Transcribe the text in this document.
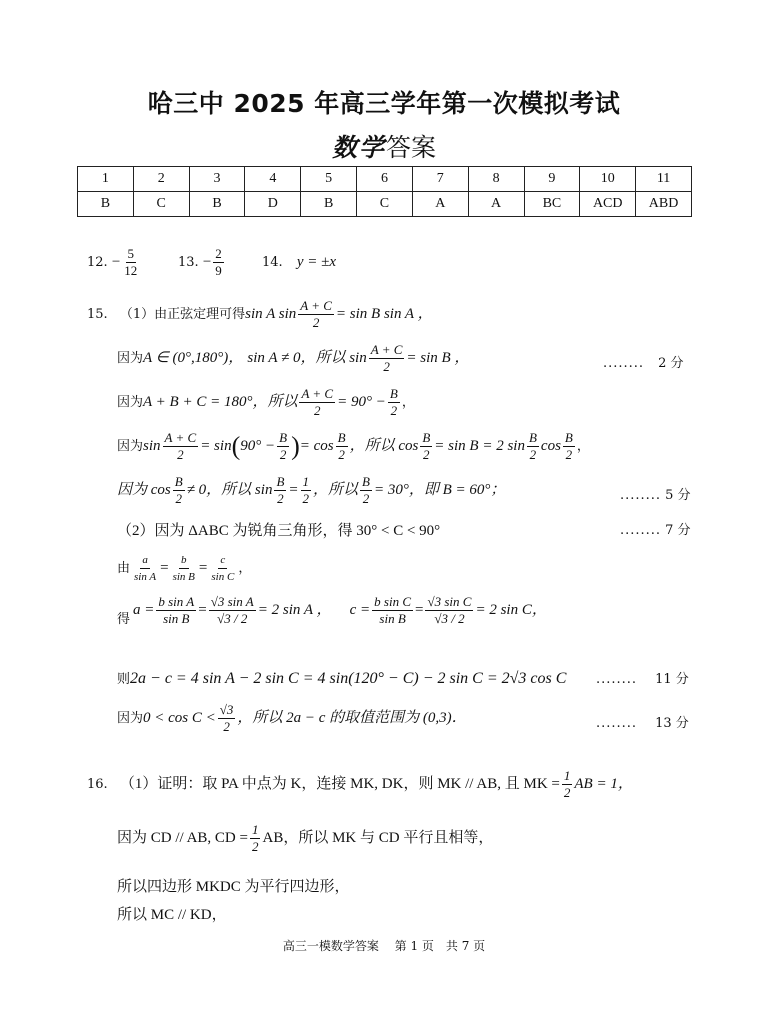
哈三中 2025 年高三学年第一次模拟考试
数学答案
1	2	3	4	5	6	7	8	9	10	11
B	C	B	D	B	C	A	A	BC	ACD	ABD
12. − $\frac{5}{12}$	13. − $\frac{2}{9}$	14. y = ±x
15. （1）由正弦定理可得sin A $\sin \frac{A + C}{2} = \sin B$ sin A ，
因为A ∈ (0°,180°)， sin A ≠ 0，所以 $\sin \frac{A + C}{2} = \sin B$ ，	........ 2 分
因为A + B + C = 180°，所以 $\frac{A + C}{2} = 90^\circ - \frac{B}{2}$ ，
因为$\sin \frac{A + C}{2} = \sin(90^\circ - \frac{B}{2}$ )= $\cos \frac{B}{2}$ ，所以 $\cos \frac{B}{2} = \sin B = 2$ $\sin \frac{B}{2}$ $\cos \frac{B}{2}$ ，
因为 $\cos \frac{B}{2} \ne 0$，所以 $\sin \frac{B}{2} = \frac{1}{2}$ ，所以 $\frac{B}{2} = 30^\circ$，即 B = 60°；	........ 5 分
（2）因为 ΔABC 为锐角三角形，得 30° < C < 90°	........ 7 分
由 $\frac{a}{\text{sin A}} = \frac{b}{\text{sin B}} = \frac{c}{\text{sin C}}$ ，
得
$a = \frac{\text{b sin A}}{\text{sin B}} = \frac{\text{√3 sin A}}{√3 / 2} = 2$ sin A ， $c = \frac{\text{b sin C}}{\text{sin B}} = \frac{\text{√3 sin C}}{√3 / 2} = 2$ sin C，
则2a − c = 4 sin A − 2 sin C = 4 sin(120° − C) − 2 sin C = 2√3 cos C ........ 11 分
因为$0 < \cos C < \frac{√3}{2}$ ，所以 2a − c 的取值范围为 (0,3)．	........ 13 分
16. （1）证明：取 PA 中点为 K，连接 MK, DK，则 MK // AB, 且 MK = $\frac{1}{2}$ AB = 1，
因为 CD // AB, CD = $\frac{1}{2}$ AB，所以 MK 与 CD 平行且相等，
所以四边形 MKDC 为平行四边形，
所以 MC // KD，
高三一模数学答案　 第 1 页　共 7 页
